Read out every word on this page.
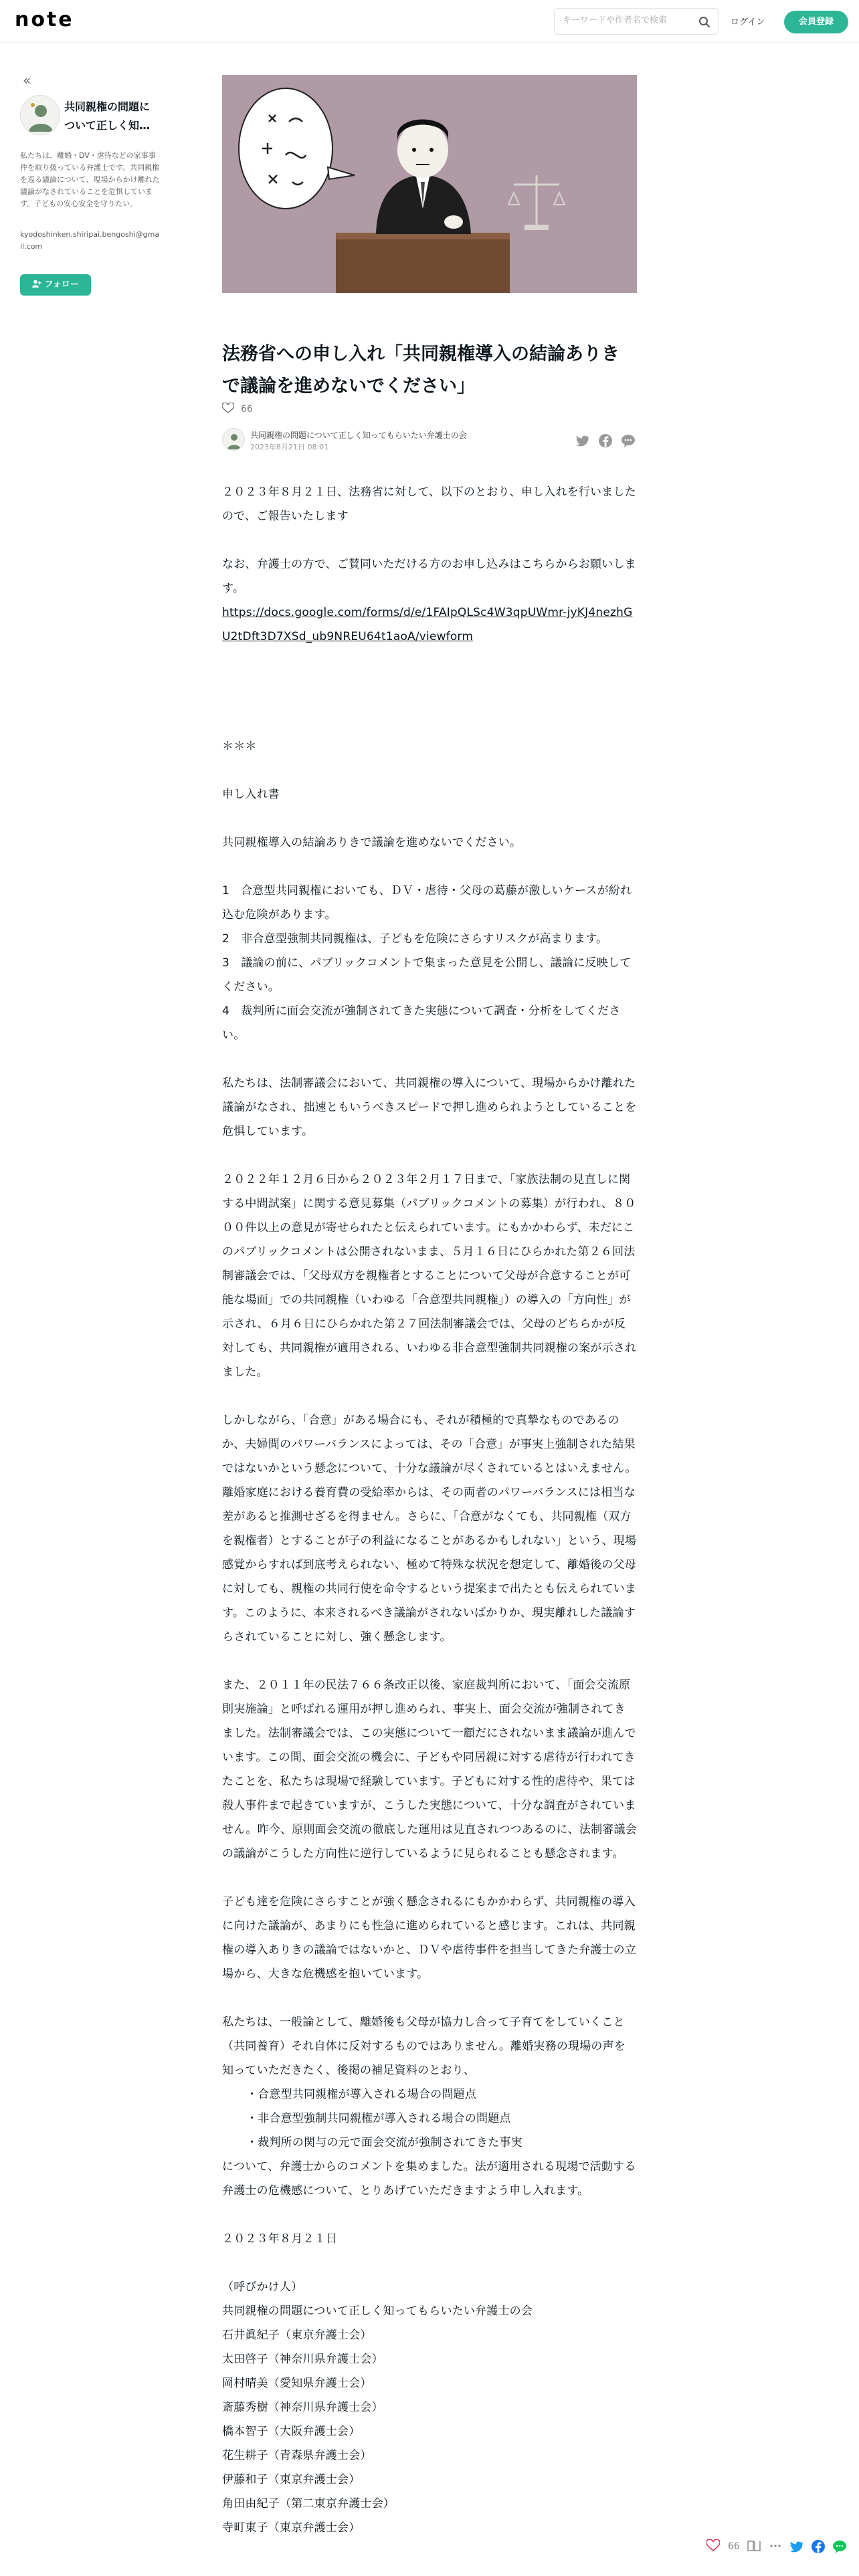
note
キーワードや作者名で検索	ログイン	会員登録
«
共同親権の問題について正しく知…
私たちは、離婚・DV・虐待などの家事事件を取り扱っている弁護士です。共同親権を巡る議論について、現場からかけ離れた議論がなされていることを危惧しています。子どもの安心安全を守りたい。
kyodoshinken.shiripai.bengoshi@gmail.com
フォロー
法務省への申し入れ「共同親権導入の結論ありきで議論を進めないでください」
66
共同親権の問題について正しく知ってもらいたい弁護士の会
2023年8月21日 08:01

２０２３年８月２１日、法務省に対して、以下のとおり、申し入れを行いましたので、ご報告いたします

なお、弁護士の方で、ご賛同いただける方のお申し込みはこちらからお願いします。

https://docs.google.com/forms/d/e/1FAIpQLSc4W3qpUWmr-jyKJ4nezhGU2tDft3D7XSd_ub9NREU64t1aoA/viewform

＊＊＊

申し入れ書

共同親権導入の結論ありきで議論を進めないでください。

1　合意型共同親権においても、ＤＶ・虐待・父母の葛藤が激しいケースが紛れ込む危険があります。

2　非合意型強制共同親権は、子どもを危険にさらすリスクが高まります。

3　議論の前に、パブリックコメントで集まった意見を公開し、議論に反映してください。

4　裁判所に面会交流が強制されてきた実態について調査・分析をしてください。

私たちは、法制審議会において、共同親権の導入について、現場からかけ離れた議論がなされ、拙速ともいうべきスピードで押し進められようとしていることを危惧しています。

２０２２年１２月６日から２０２３年２月１７日まで、「家族法制の見直しに関する中間試案」に関する意見募集（パブリックコメントの募集）が行われ、８０００件以上の意見が寄せられたと伝えられています。にもかかわらず、未だにこのパブリックコメントは公開されないまま、５月１６日にひらかれた第２６回法制審議会では、「父母双方を親権者とすることについて父母が合意することが可能な場面」での共同親権（いわゆる「合意型共同親権」）の導入の「方向性」が示され、６月６日にひらかれた第２７回法制審議会では、父母のどちらかが反対しても、共同親権が適用される、いわゆる非合意型強制共同親権の案が示されました。

しかしながら、「合意」がある場合にも、それが積極的で真摯なものであるのか、夫婦間のパワーバランスによっては、その「合意」が事実上強制された結果ではないかという懸念について、十分な議論が尽くされているとはいえません。離婚家庭における養育費の受給率からは、その両者のパワーバランスには相当な差があると推測せざるを得ません。さらに、「合意がなくても、共同親権（双方を親権者）とすることが子の利益になることがあるかもしれない」という、現場感覚からすれば到底考えられない、極めて特殊な状況を想定して、離婚後の父母に対しても、親権の共同行使を命令するという提案まで出たとも伝えられています。このように、本来されるべき議論がされないばかりか、現実離れした議論すらされていることに対し、強く懸念します。

また、２０１１年の民法７６６条改正以後、家庭裁判所において、「面会交流原則実施論」と呼ばれる運用が押し進められ、事実上、面会交流が強制されてきました。法制審議会では、この実態について一顧だにされないまま議論が進んでいます。この間、面会交流の機会に、子どもや同居親に対する虐待が行われてきたことを、私たちは現場で経験しています。子どもに対する性的虐待や、果ては殺人事件まで起きていますが、こうした実態について、十分な調査がされていません。昨今、原則面会交流の徹底した運用は見直されつつあるのに、法制審議会の議論がこうした方向性に逆行しているように見られることも懸念されます。

子ども達を危険にさらすことが強く懸念されるにもかかわらず、共同親権の導入に向けた議論が、あまりにも性急に進められていると感じます。これは、共同親権の導入ありきの議論ではないかと、ＤＶや虐待事件を担当してきた弁護士の立場から、大きな危機感を抱いています。

私たちは、一般論として、離婚後も父母が協力し合って子育てをしていくこと（共同養育）それ自体に反対するものではありません。離婚実務の現場の声を知っていただきたく、後掲の補足資料のとおり、

・合意型共同親権が導入される場合の問題点
・非合意型強制共同親権が導入される場合の問題点
・裁判所の関与の元で面会交流が強制されてきた事実

について、弁護士からのコメントを集めました。法が適用される現場で活動する弁護士の危機感について、とりあげていただきますよう申し入れます。

２０２３年８月２１日

（呼びかけ人）

共同親権の問題について正しく知ってもらいたい弁護士の会

石井眞紀子（東京弁護士会）

太田啓子（神奈川県弁護士会）

岡村晴美（愛知県弁護士会）

斎藤秀樹（神奈川県弁護士会）

橋本智子（大阪弁護士会）

花生耕子（青森県弁護士会）

伊藤和子（東京弁護士会）

角田由紀子（第二東京弁護士会）

寺町東子（東京弁護士会）

66
